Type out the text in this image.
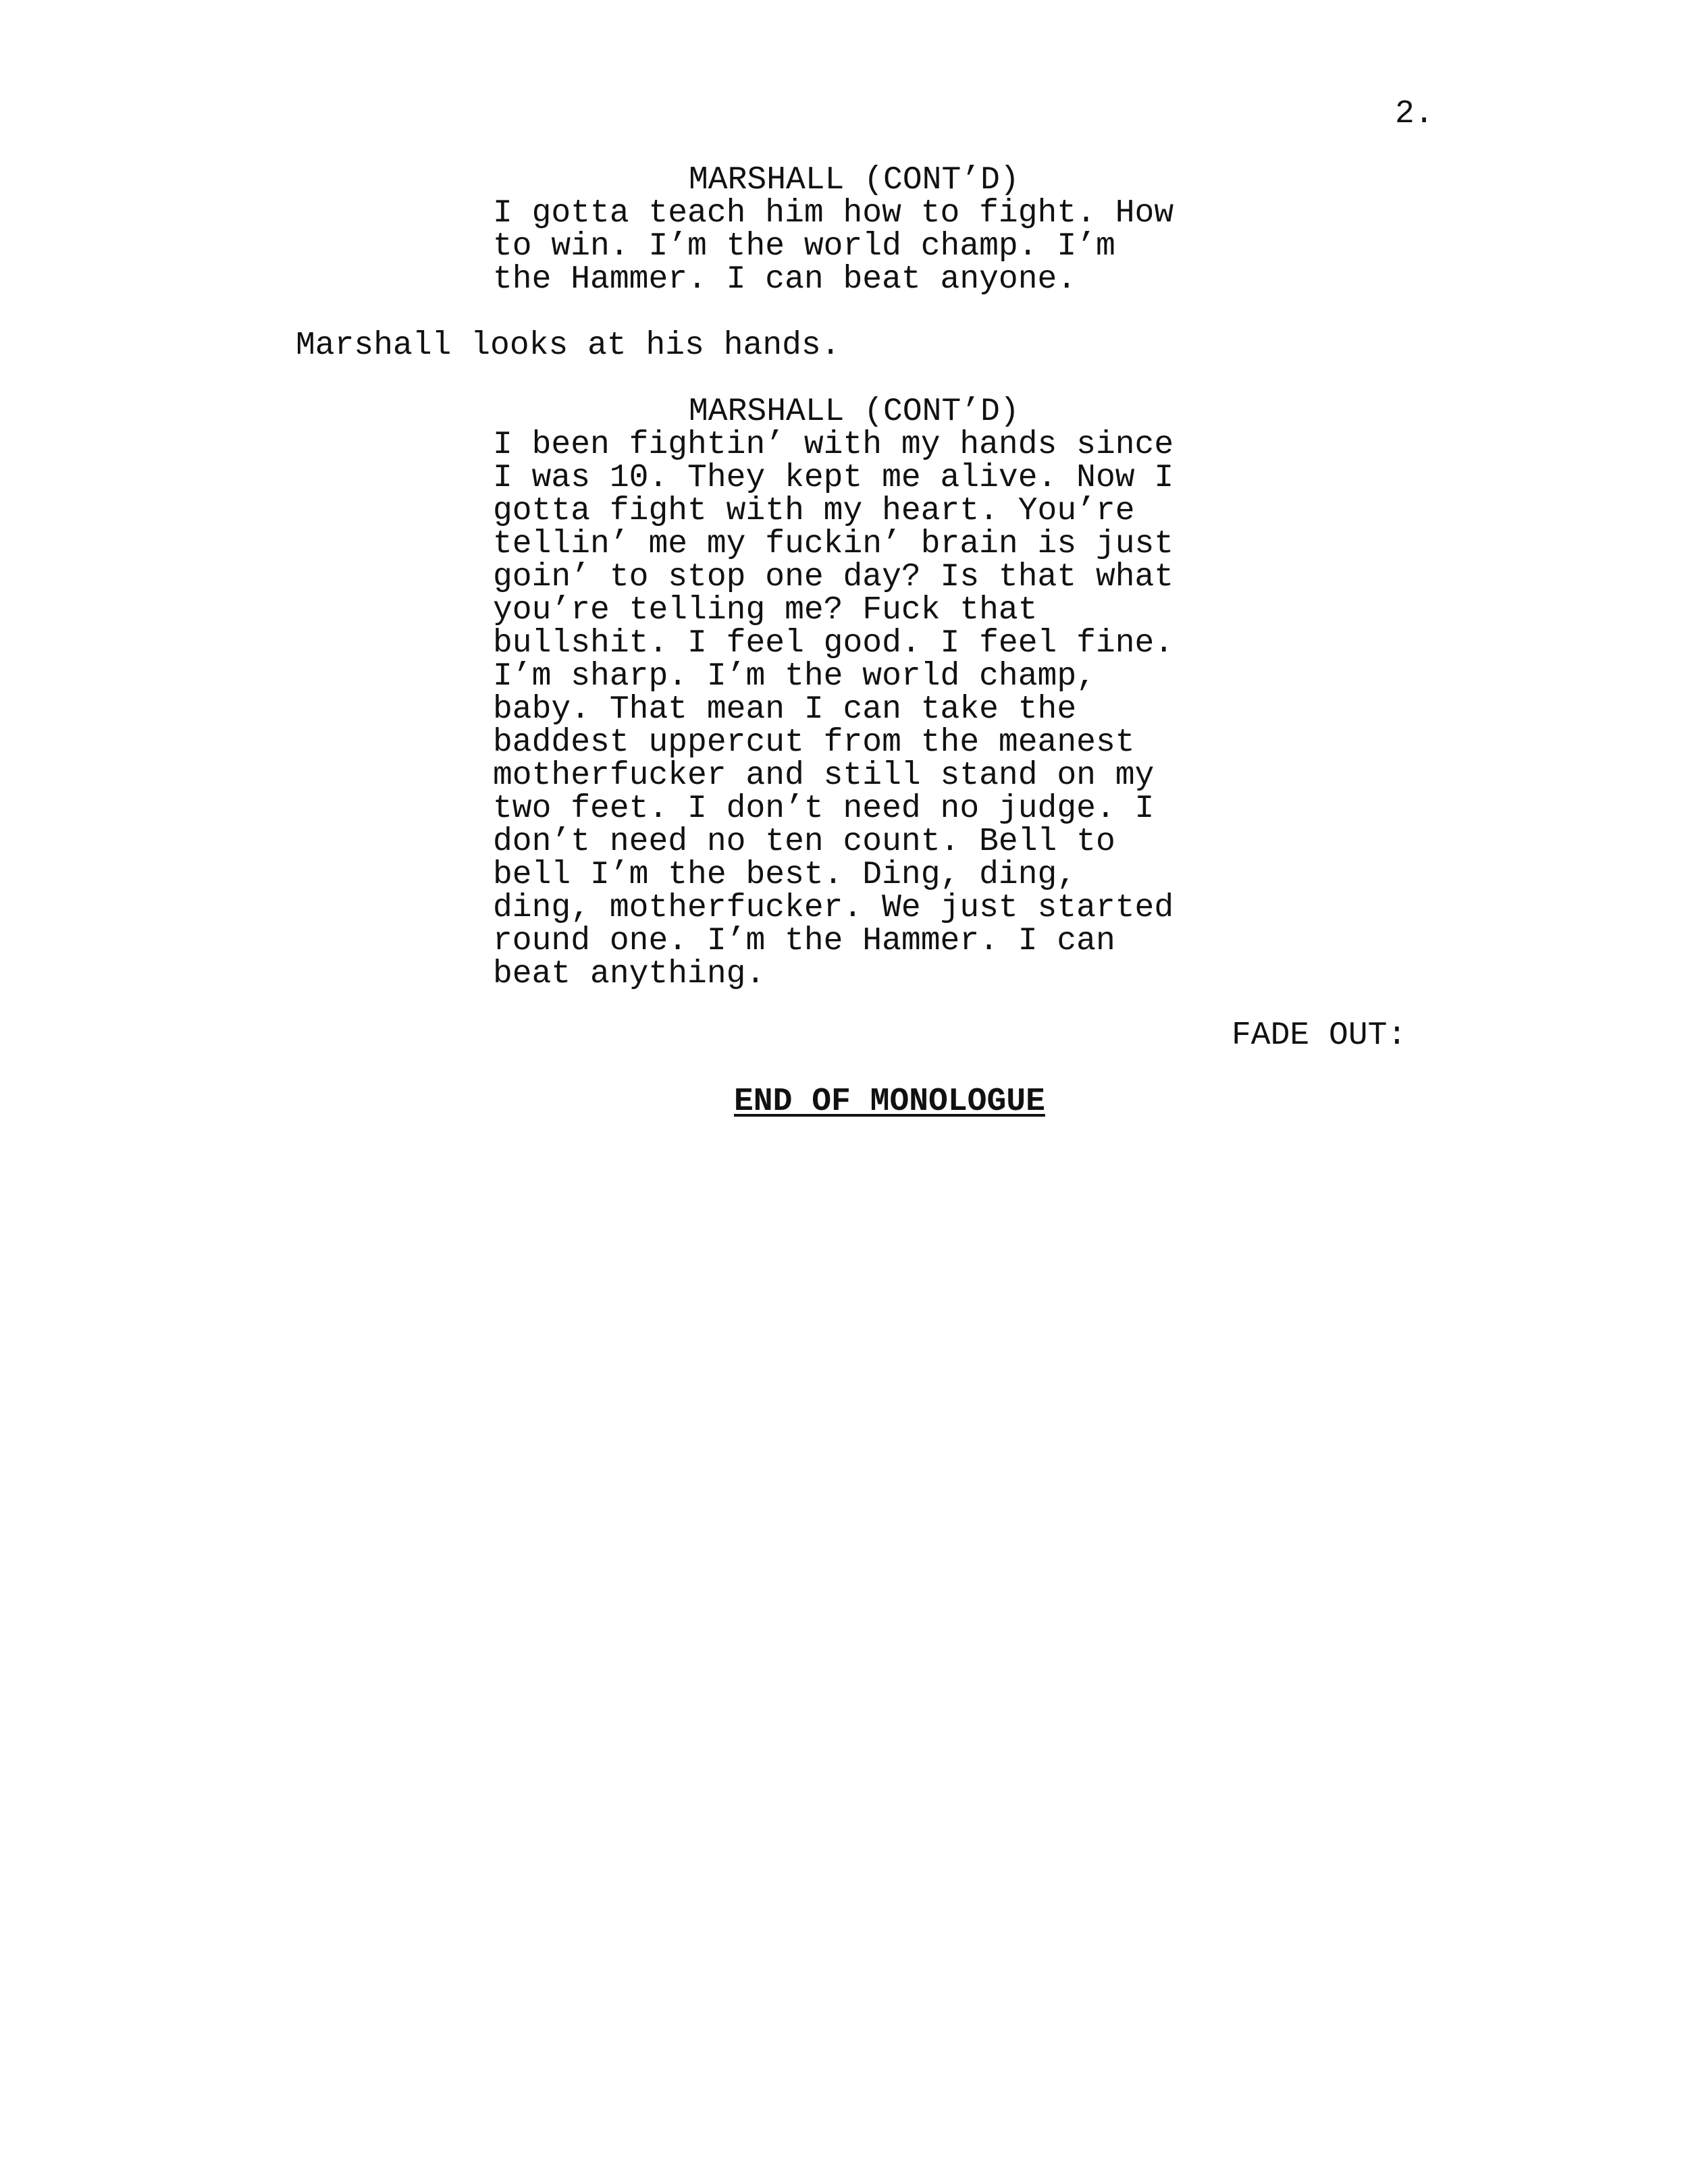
2.
MARSHALL (CONT’D)
I gotta teach him how to fight. How
to win. I’m the world champ. I’m
the Hammer. I can beat anyone.
Marshall looks at his hands.
MARSHALL (CONT’D)
I been fightin’ with my hands since
I was 10. They kept me alive. Now I
gotta fight with my heart. You’re
tellin’ me my fuckin’ brain is just
goin’ to stop one day? Is that what
you’re telling me? Fuck that
bullshit. I feel good. I feel fine.
I’m sharp. I’m the world champ,
baby. That mean I can take the
baddest uppercut from the meanest
motherfucker and still stand on my
two feet. I don’t need no judge. I
don’t need no ten count. Bell to
bell I’m the best. Ding, ding,
ding, motherfucker. We just started
round one. I’m the Hammer. I can
beat anything.
FADE OUT:
END OF MONOLOGUE
